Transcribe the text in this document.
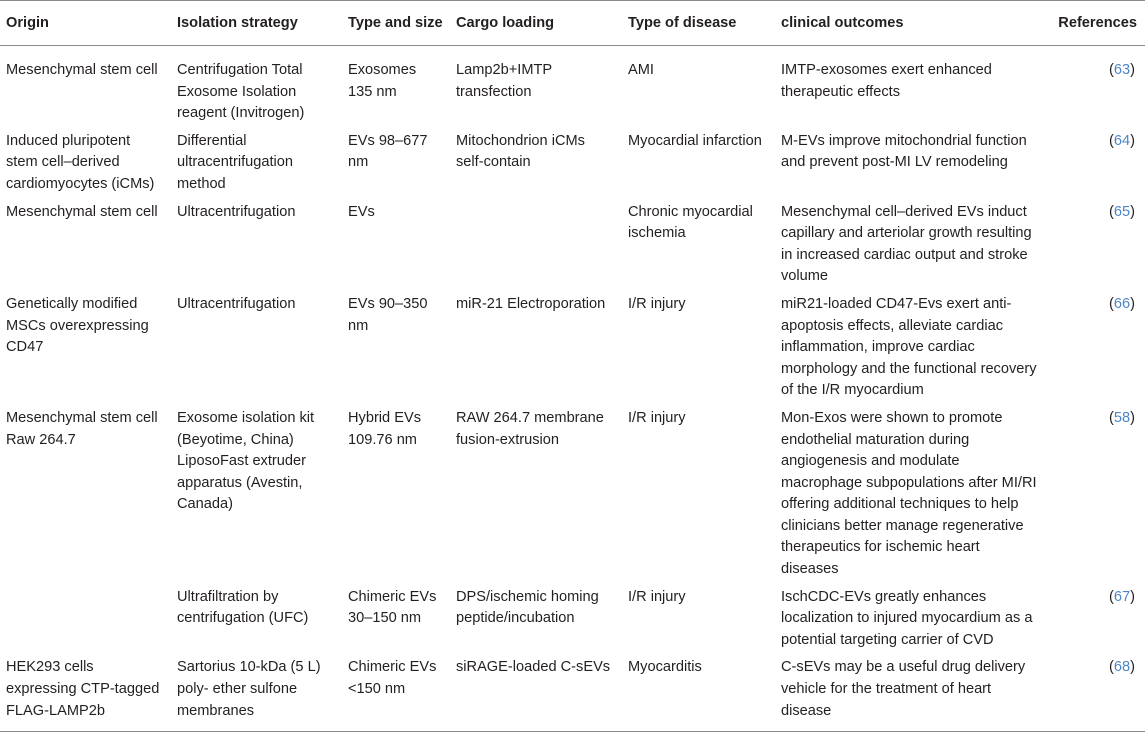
Origin	Isolation strategy	Type and size	Cargo loading	Type of disease	clinical outcomes	References
Mesenchymal stem cell	Centrifugation Total Exosome Isolation reagent (Invitrogen)	Exosomes 135 nm	Lamp2b+IMTP transfection	AMI	IMTP-exosomes exert enhanced therapeutic effects	(63)
Induced pluripotent stem cell–derived cardiomyocytes (iCMs)	Differential ultracentrifugation method	EVs 98–677 nm	Mitochondrion iCMs self-contain	Myocardial infarction	M-EVs improve mitochondrial function and prevent post-MI LV remodeling	(64)
Mesenchymal stem cell	Ultracentrifugation	EVs		Chronic myocardial ischemia	Mesenchymal cell–derived EVs induct capillary and arteriolar growth resulting in increased cardiac output and stroke volume	(65)
Genetically modified MSCs overexpressing CD47	Ultracentrifugation	EVs 90–350 nm	miR-21 Electroporation	I/R injury	miR21-loaded CD47-Evs exert anti-apoptosis effects, alleviate cardiac inflammation, improve cardiac morphology and the functional recovery of the I/R myocardium	(66)
Mesenchymal stem cell Raw 264.7	Exosome isolation kit (Beyotime, China) LiposoFast extruder apparatus (Avestin, Canada)	Hybrid EVs 109.76 nm	RAW 264.7 membrane fusion-extrusion	I/R injury	Mon-Exos were shown to promote endothelial maturation during angiogenesis and modulate macrophage subpopulations after MI/RI offering additional techniques to help clinicians better manage regenerative therapeutics for ischemic heart diseases	(58)
	Ultrafiltration by centrifugation (UFC)	Chimeric EVs 30–150 nm	DPS/ischemic homing peptide/incubation	I/R injury	IschCDC-EVs greatly enhances localization to injured myocardium as a potential targeting carrier of CVD	(67)
HEK293 cells expressing CTP-tagged FLAG-LAMP2b	Sartorius 10-kDa (5 L) poly- ether sulfone membranes	Chimeric EVs <150 nm	siRAGE-loaded C-sEVs	Myocarditis	C-sEVs may be a useful drug delivery vehicle for the treatment of heart disease	(68)
